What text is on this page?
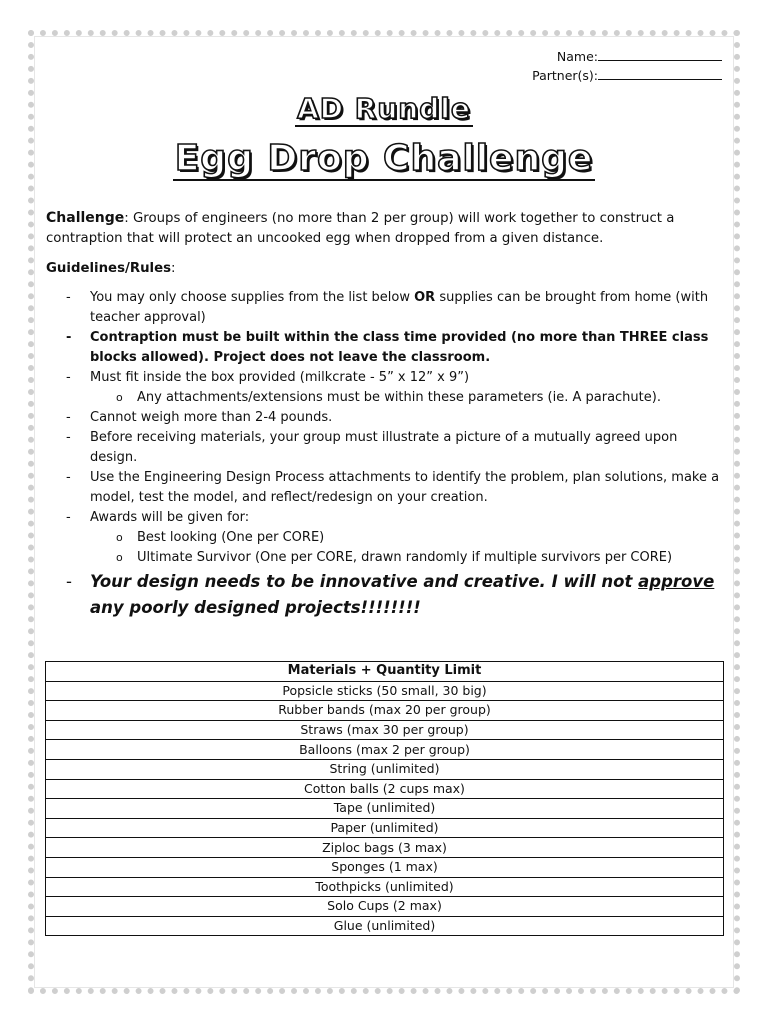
Name:
Partner(s):
AD Rundle
Egg Drop Challenge
Challenge: Groups of engineers (no more than 2 per group) will work together to construct a contraption that will protect an uncooked egg when dropped from a given distance.
Guidelines/Rules:
- You may only choose supplies from the list below OR supplies can be brought from home (with teacher approval)
- Contraption must be built within the class time provided (no more than THREE class blocks allowed). Project does not leave the classroom.
- Must fit inside the box provided (milkcrate - 5” x 12” x 9”)
o Any attachments/extensions must be within these parameters (ie. A parachute).
- Cannot weigh more than 2-4 pounds.
- Before receiving materials, your group must illustrate a picture of a mutually agreed upon design.
- Use the Engineering Design Process attachments to identify the problem, plan solutions, make a model, test the model, and reflect/redesign on your creation.
- Awards will be given for:
o Best looking (One per CORE)
o Ultimate Survivor (One per CORE, drawn randomly if multiple survivors per CORE)
- Your design needs to be innovative and creative. I will not approve any poorly designed projects!!!!!!!!
Materials + Quantity Limit
Popsicle sticks (50 small, 30 big)
Rubber bands (max 20 per group)
Straws (max 30 per group)
Balloons (max 2 per group)
String (unlimited)
Cotton balls (2 cups max)
Tape (unlimited)
Paper (unlimited)
Ziploc bags (3 max)
Sponges (1 max)
Toothpicks (unlimited)
Solo Cups (2 max)
Glue (unlimited)
